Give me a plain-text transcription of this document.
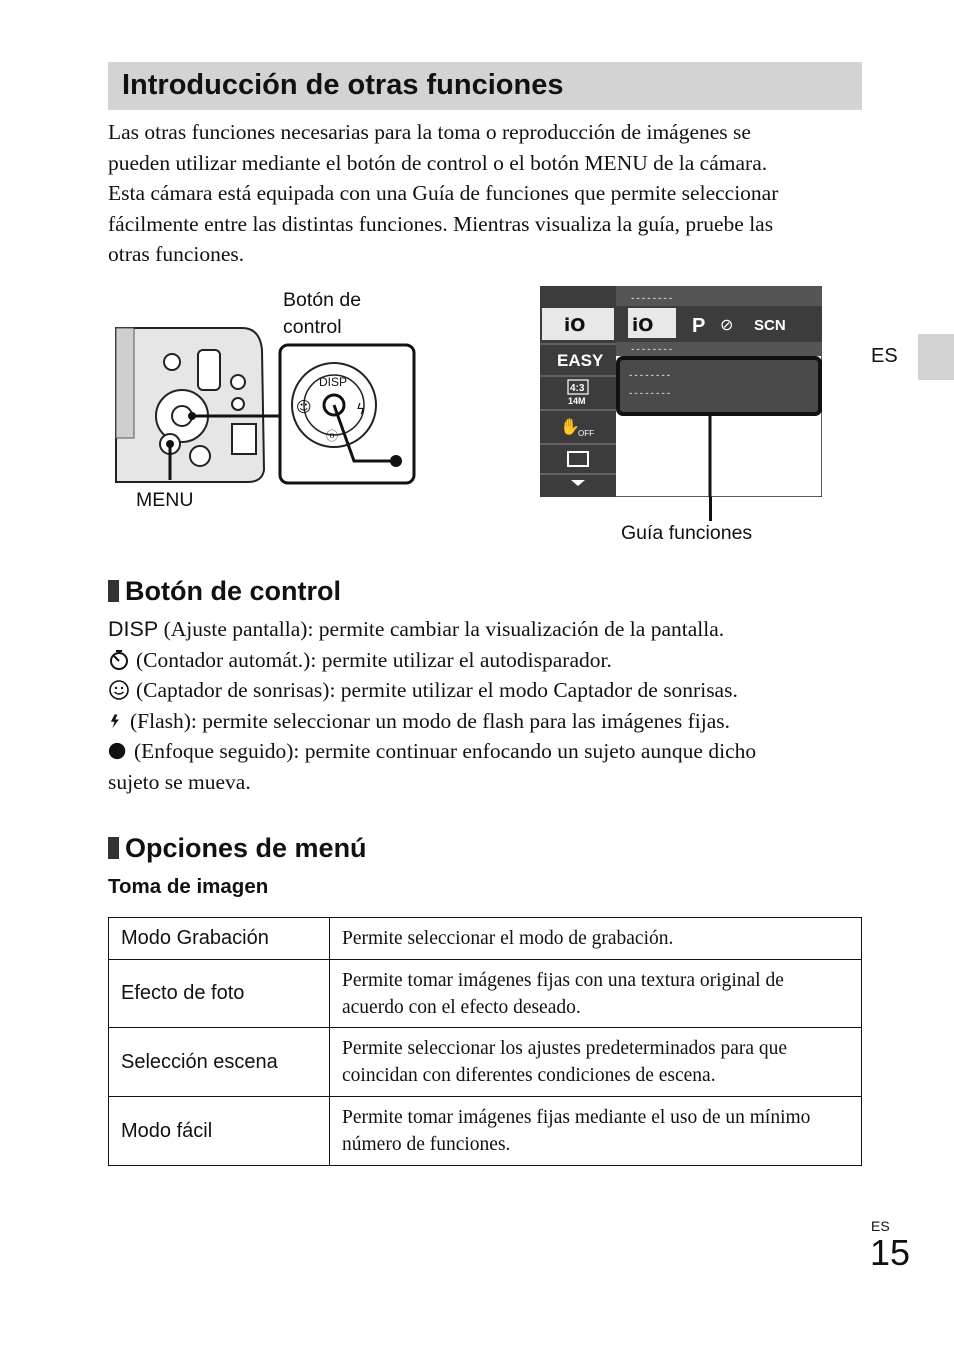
Introducción de otras funciones
Las otras funciones necesarias para la toma o reproducción de imágenes se
pueden utilizar mediante el botón de control o el botón MENU de la cámara.
Esta cámara está equipada con una Guía de funciones que permite seleccionar
fácilmente entre las distintas funciones. Mientras visualiza la guía, pruebe las
otras funciones.
ES
Botón de
control
MENU
DISP
☺	ϟ
ⓞ
iO
EASY
4:3
14M
✋
OFF
--------
iO P ⊘ SCN
--------
--------
--------
Guía funciones
Botón de control
DISP (Ajuste pantalla): permite cambiar la visualización de la pantalla.
(Contador automát.): permite utilizar el autodisparador.
(Captador de sonrisas): permite utilizar el modo Captador de sonrisas.
(Flash): permite seleccionar un modo de flash para las imágenes fijas.
(Enfoque seguido): permite continuar enfocando un sujeto aunque dicho
sujeto se mueva.
Opciones de menú
Toma de imagen
Modo Grabación	Permite seleccionar el modo de grabación.
Efecto de foto	Permite tomar imágenes fijas con una textura original de acuerdo con el efecto deseado.
Selección escena	Permite seleccionar los ajustes predeterminados para que coincidan con diferentes condiciones de escena.
Modo fácil	Permite tomar imágenes fijas mediante el uso de un mínimo número de funciones.
ES
15
